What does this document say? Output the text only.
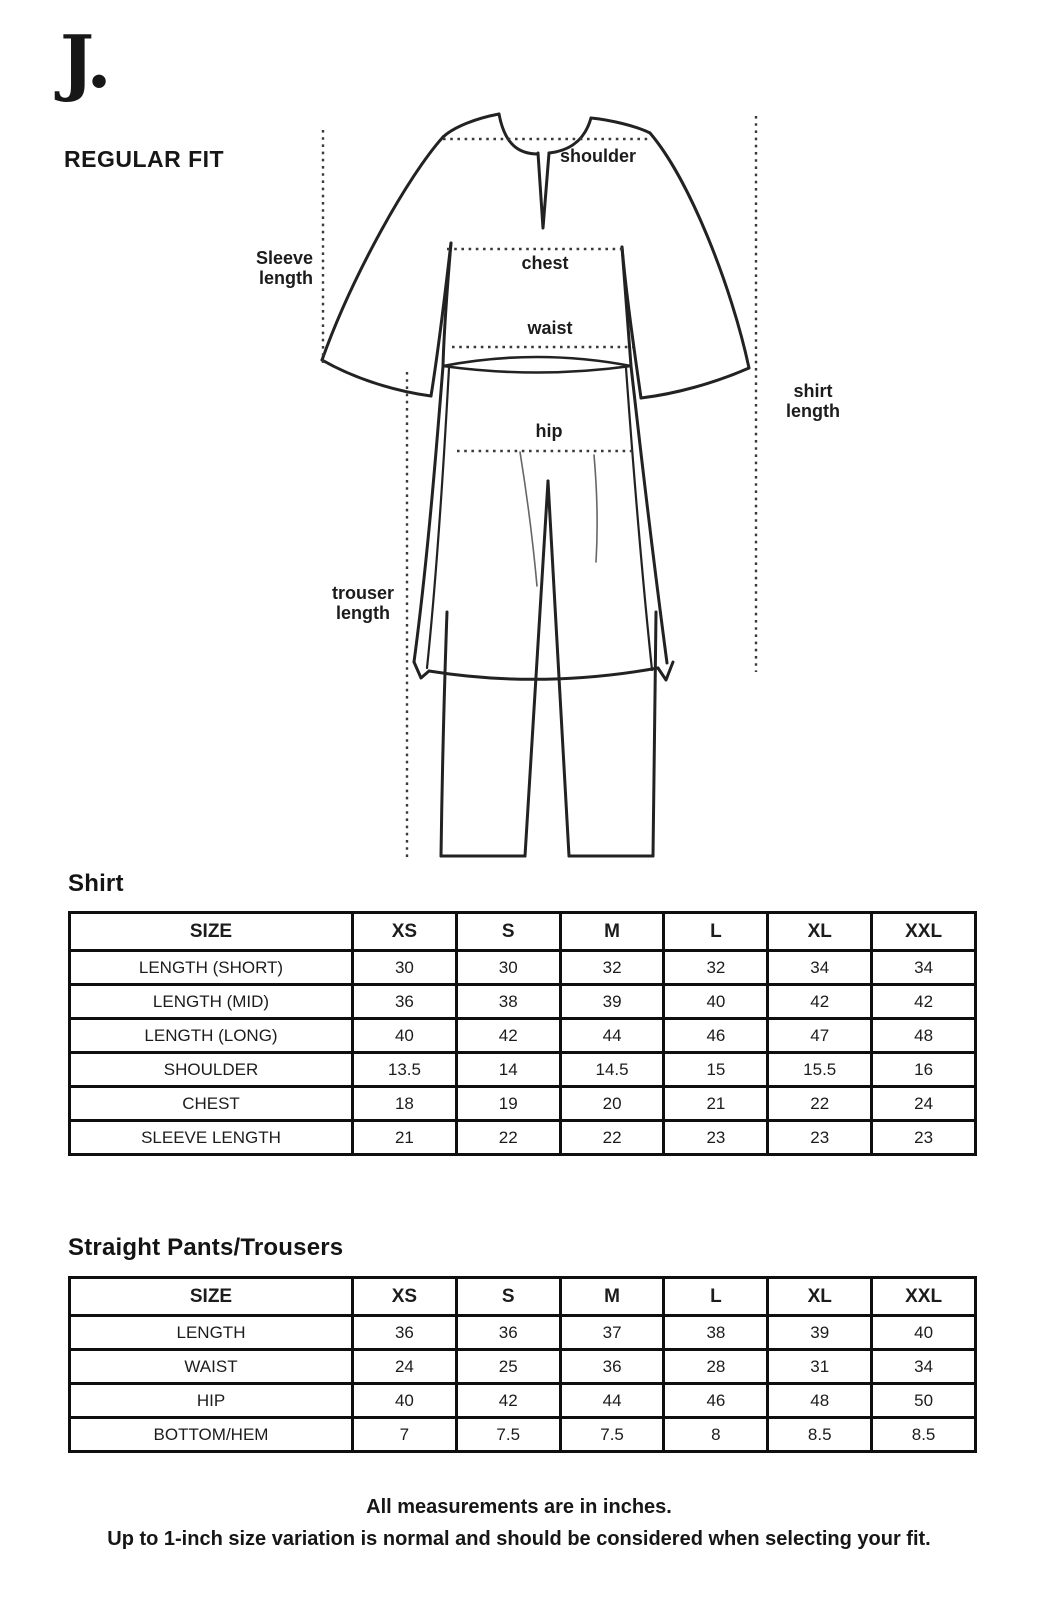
J.
REGULAR FIT	shoulder
chest
waist
hip
Sleeve
length
shirt
length
trouser
length
Shirt
SIZE	XS	S	M	L	XL	XXL
LENGTH (SHORT)	30	30	32	32	34	34
LENGTH (MID)	36	38	39	40	42	42
LENGTH (LONG)	40	42	44	46	47	48
SHOULDER	13.5	14	14.5	15	15.5	16
CHEST	18	19	20	21	22	24
SLEEVE LENGTH	21	22	22	23	23	23
Straight Pants/Trousers
SIZE	XS	S	M	L	XL	XXL
LENGTH	36	36	37	38	39	40
WAIST	24	25	36	28	31	34
HIP	40	42	44	46	48	50
BOTTOM/HEM	7	7.5	7.5	8	8.5	8.5
All measurements are in inches.
Up to 1-inch size variation is normal and should be considered when selecting your fit.
